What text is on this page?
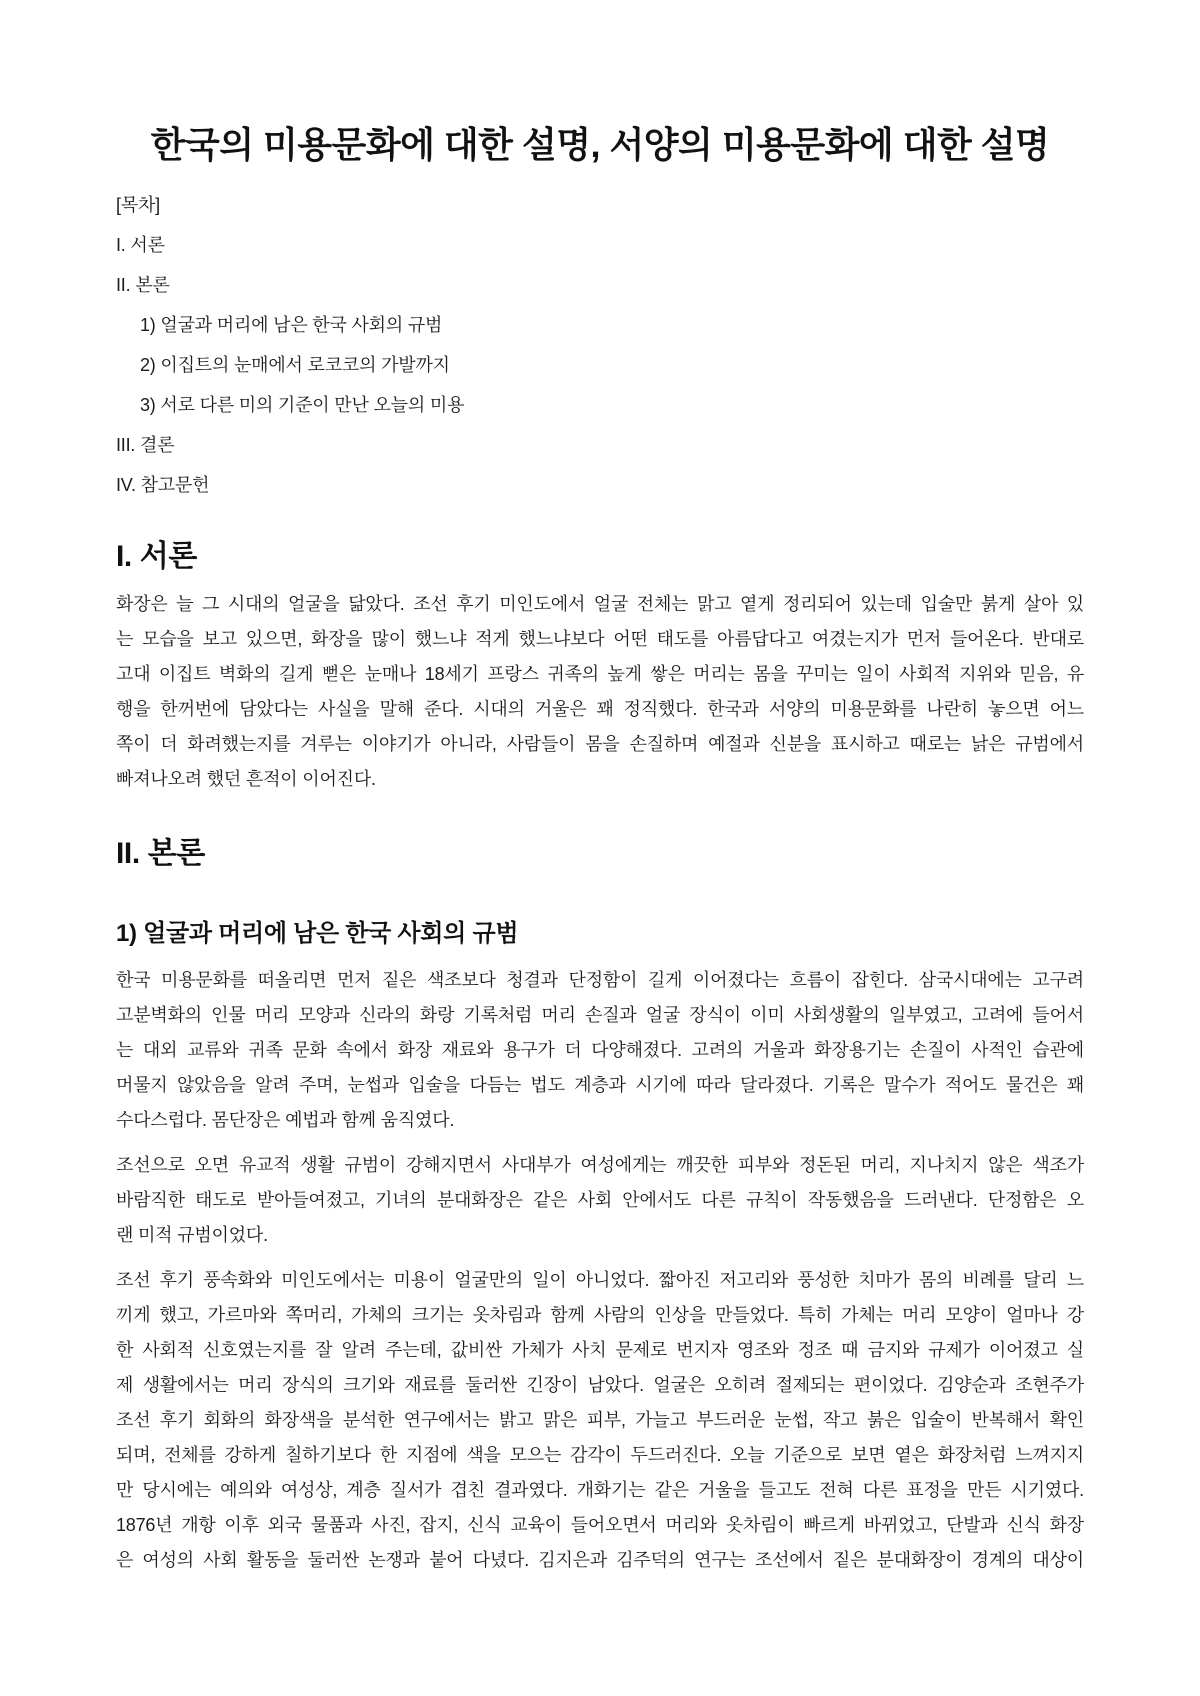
한국의 미용문화에 대한 설명, 서양의 미용문화에 대한 설명
[목차]
I. 서론
II. 본론
1) 얼굴과 머리에 남은 한국 사회의 규범
2) 이집트의 눈매에서 로코코의 가발까지
3) 서로 다른 미의 기준이 만난 오늘의 미용
III. 결론
IV. 참고문헌
I. 서론
화장은 늘 그 시대의 얼굴을 닮았다. 조선 후기 미인도에서 얼굴 전체는 맑고 옅게 정리되어 있는데 입술만 붉게 살아 있
는 모습을 보고 있으면, 화장을 많이 했느냐 적게 했느냐보다 어떤 태도를 아름답다고 여겼는지가 먼저 들어온다. 반대로
고대 이집트 벽화의 길게 뻗은 눈매나 18세기 프랑스 귀족의 높게 쌓은 머리는 몸을 꾸미는 일이 사회적 지위와 믿음, 유
행을 한꺼번에 담았다는 사실을 말해 준다. 시대의 거울은 꽤 정직했다. 한국과 서양의 미용문화를 나란히 놓으면 어느
쪽이 더 화려했는지를 겨루는 이야기가 아니라, 사람들이 몸을 손질하며 예절과 신분을 표시하고 때로는 낡은 규범에서
빠져나오려 했던 흔적이 이어진다.
II. 본론
1) 얼굴과 머리에 남은 한국 사회의 규범
한국 미용문화를 떠올리면 먼저 짙은 색조보다 청결과 단정함이 길게 이어졌다는 흐름이 잡힌다. 삼국시대에는 고구려
고분벽화의 인물 머리 모양과 신라의 화랑 기록처럼 머리 손질과 얼굴 장식이 이미 사회생활의 일부였고, 고려에 들어서
는 대외 교류와 귀족 문화 속에서 화장 재료와 용구가 더 다양해졌다. 고려의 거울과 화장용기는 손질이 사적인 습관에
머물지 않았음을 알려 주며, 눈썹과 입술을 다듬는 법도 계층과 시기에 따라 달라졌다. 기록은 말수가 적어도 물건은 꽤
수다스럽다. 몸단장은 예법과 함께 움직였다.
조선으로 오면 유교적 생활 규범이 강해지면서 사대부가 여성에게는 깨끗한 피부와 정돈된 머리, 지나치지 않은 색조가
바람직한 태도로 받아들여졌고, 기녀의 분대화장은 같은 사회 안에서도 다른 규칙이 작동했음을 드러낸다. 단정함은 오
랜 미적 규범이었다.
조선 후기 풍속화와 미인도에서는 미용이 얼굴만의 일이 아니었다. 짧아진 저고리와 풍성한 치마가 몸의 비례를 달리 느
끼게 했고, 가르마와 쪽머리, 가체의 크기는 옷차림과 함께 사람의 인상을 만들었다. 특히 가체는 머리 모양이 얼마나 강
한 사회적 신호였는지를 잘 알려 주는데, 값비싼 가체가 사치 문제로 번지자 영조와 정조 때 금지와 규제가 이어졌고 실
제 생활에서는 머리 장식의 크기와 재료를 둘러싼 긴장이 남았다. 얼굴은 오히려 절제되는 편이었다. 김양순과 조현주가
조선 후기 회화의 화장색을 분석한 연구에서는 밝고 맑은 피부, 가늘고 부드러운 눈썹, 작고 붉은 입술이 반복해서 확인
되며, 전체를 강하게 칠하기보다 한 지점에 색을 모으는 감각이 두드러진다. 오늘 기준으로 보면 옅은 화장처럼 느껴지지
만 당시에는 예의와 여성상, 계층 질서가 겹친 결과였다. 개화기는 같은 거울을 들고도 전혀 다른 표정을 만든 시기였다.
1876년 개항 이후 외국 물품과 사진, 잡지, 신식 교육이 들어오면서 머리와 옷차림이 빠르게 바뀌었고, 단발과 신식 화장
은 여성의 사회 활동을 둘러싼 논쟁과 붙어 다녔다. 김지은과 김주덕의 연구는 조선에서 짙은 분대화장이 경계의 대상이
